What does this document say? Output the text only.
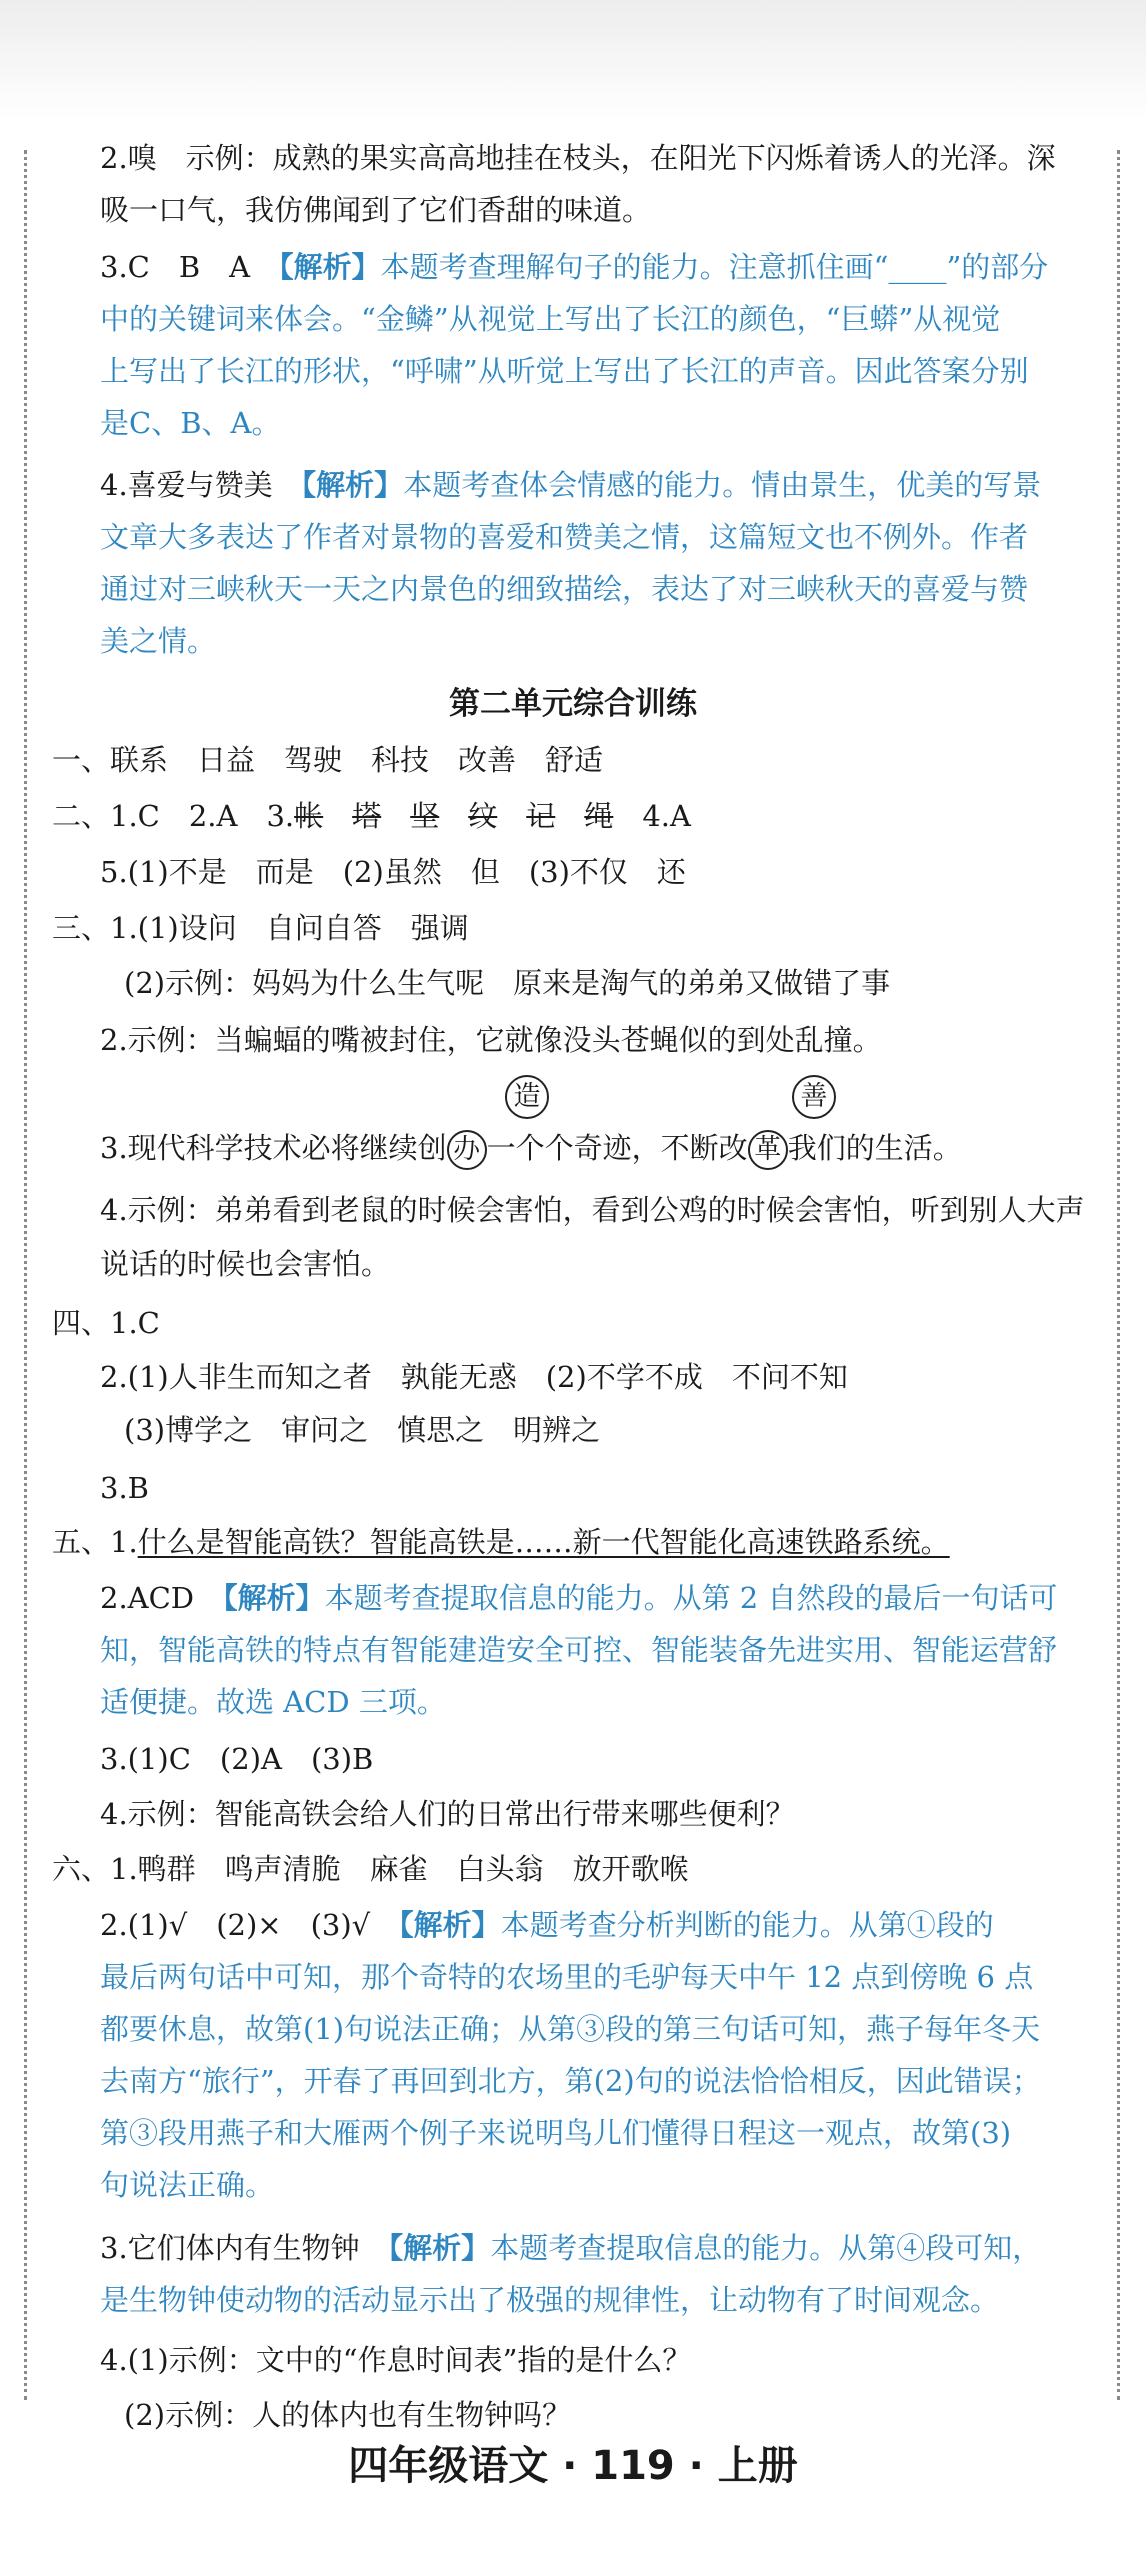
2.嗅　示例：成熟的果实高高地挂在枝头，在阳光下闪烁着诱人的光泽。深
吸一口气，我仿佛闻到了它们香甜的味道。
3.C　B　A　【解析】本题考查理解句子的能力。注意抓住画“____”的部分
中的关键词来体会。“金鳞”从视觉上写出了长江的颜色，“巨蟒”从视觉
上写出了长江的形状，“呼啸”从听觉上写出了长江的声音。因此答案分别
是C、B、A。
4.喜爱与赞美　【解析】本题考查体会情感的能力。情由景生，优美的写景
文章大多表达了作者对景物的喜爱和赞美之情，这篇短文也不例外。作者
通过对三峡秋天一天之内景色的细致描绘，表达了对三峡秋天的喜爱与赞
美之情。
第二单元综合训练
一、联系　日益　驾驶　科技　改善　舒适
二、1.C　2.A　3.帐　 塔　 坚　 纹　 记　 绳　4.A
5.(1)不是　而是　(2)虽然　但　(3)不仅　还
三、1.(1)设问　自问自答　强调
(2)示例：妈妈为什么生气呢　原来是淘气的弟弟又做错了事
2.示例：当蝙蝠的嘴被封住，它就像没头苍蝇似的到处乱撞。
造	善
3.现代科学技术必将继续创 办 一个个奇迹，不断改 革 我们的生活。
4.示例：弟弟看到老鼠的时候会害怕，看到公鸡的时候会害怕，听到别人大声
说话的时候也会害怕。
四、1.C
2.(1)人非生而知之者　孰能无惑　(2)不学不成　不问不知
(3)博学之　审问之　慎思之　明辨之
3.B
五、1.什么是智能高铁？智能高铁是……新一代智能化高速铁路系统。
2.ACD　【解析】本题考查提取信息的能力。从第 2 自然段的最后一句话可
知，智能高铁的特点有智能建造安全可控、智能装备先进实用、智能运营舒
适便捷。故选 ACD 三项。
3.(1)C　(2)A　(3)B
4.示例：智能高铁会给人们的日常出行带来哪些便利？
六、1.鸭群　鸣声清脆　麻雀　白头翁　放开歌喉
2.(1)√　(2)×　(3)√　【解析】本题考查分析判断的能力。从第①段的
最后两句话中可知，那个奇特的农场里的毛驴每天中午 12 点到傍晚 6 点
都要休息，故第(1)句说法正确；从第③段的第三句话可知，燕子每年冬天
去南方“旅行”，开春了再回到北方，第(2)句的说法恰恰相反，因此错误；
第③段用燕子和大雁两个例子来说明鸟儿们懂得日程这一观点，故第(3)
句说法正确。
3.它们体内有生物钟　【解析】本题考查提取信息的能力。从第④段可知，
是生物钟使动物的活动显示出了极强的规律性，让动物有了时间观念。
4.(1)示例：文中的“作息时间表”指的是什么？
(2)示例：人的体内也有生物钟吗？
四年级语文 · 119 · 上册
